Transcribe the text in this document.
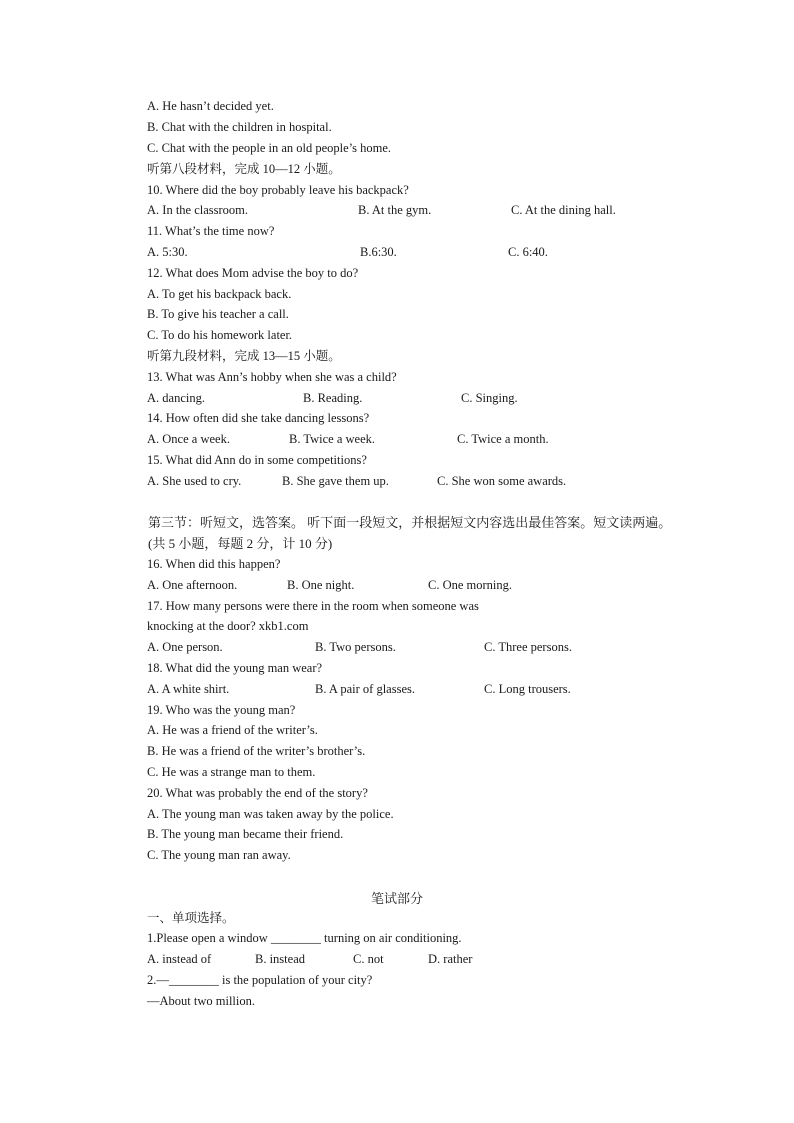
A. He hasn’t decided yet.
B. Chat with the children in hospital.
C. Chat with the people in an old people’s home.
听第八段材料，完成 10—12 小题。
10. Where did the boy probably leave his backpack?
A. In the classroom.	B. At the gym.	C. At the dining hall.
11. What’s the time now?
A. 5:30.	B.6:30.	C. 6:40.
12. What does Mom advise the boy to do?
A. To get his backpack back.
B. To give his teacher a call.
C. To do his homework later.
听第九段材料，完成 13—15 小题。
13. What was Ann’s hobby when she was a child?
A. dancing.	B. Reading.	C. Singing.
14. How often did she take dancing lessons?
A. Once a week.	B. Twice a week.	C. Twice a month.
15. What did Ann do in some competitions?
A. She used to cry.	B. She gave them up.	C. She won some awards.
第三节：听短文，选答案。 听下面一段短文，并根据短文内容选出最佳答案。短文读两遍。(共 5 小题，每题 2 分，计 10 分)
16. When did this happen?
A. One afternoon.	B. One night.	C. One morning.
17. How many persons were there in the room when someone was
knocking at the door? xkb1.com
A. One person.	B. Two persons.	C. Three persons.
18. What did the young man wear?
A. A white shirt.	B. A pair of glasses.	C. Long trousers.
19. Who was the young man?
A. He was a friend of the writer’s.
B. He was a friend of the writer’s brother’s.
C. He was a strange man to them.
20. What was probably the end of the story?
A. The young man was taken away by the police.
B. The young man became their friend.
C. The young man ran away.
笔试部分
一、单项选择。
1.Please open a window ________ turning on air conditioning.
A. instead of	B. instead	C. not	D. rather
2.—________ is the population of your city?
—About two million.
